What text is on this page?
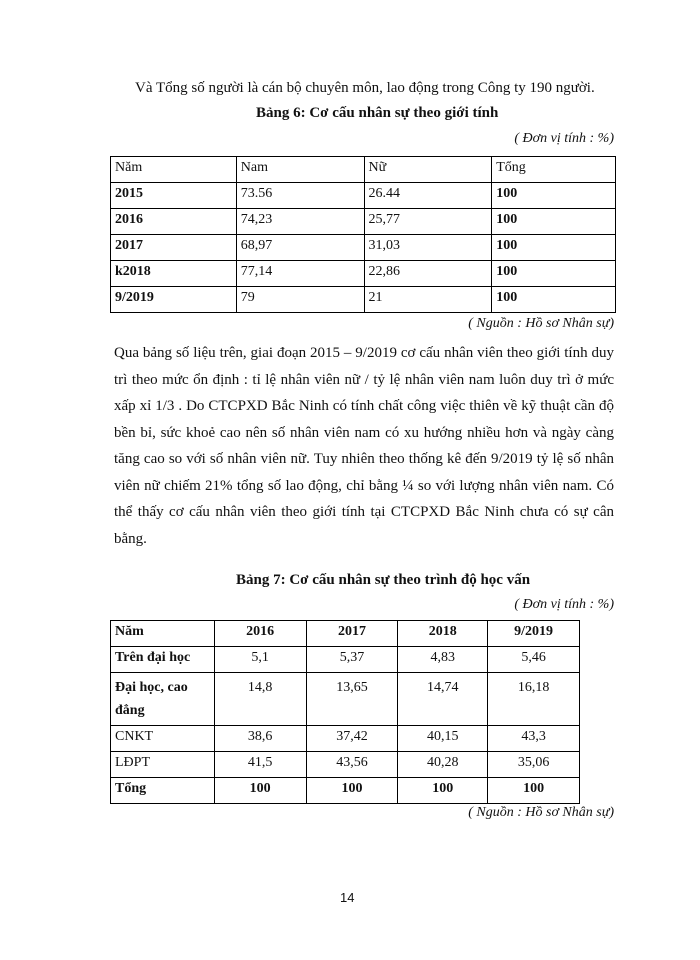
Và Tổng số người là cán bộ chuyên môn, lao động trong Công ty 190 người.
Bảng 6: Cơ cấu nhân sự theo giới tính
( Đơn vị tính : %)
Năm	Nam	Nữ	Tổng
2015	73.56	26.44	100
2016	74,23	25,77	100
2017	68,97	31,03	100
k2018	77,14	22,86	100
9/2019	79	21	100
( Nguồn : Hồ sơ Nhân sự)
Qua bảng số liệu trên, giai đoạn 2015 – 9/2019 cơ cấu nhân viên theo giới tính duy trì theo mức ổn định : tỉ lệ nhân viên nữ / tỷ lệ nhân viên nam luôn duy trì ở mức xấp xỉ 1/3 . Do CTCPXD Bắc Ninh có tính chất công việc thiên về kỹ thuật cần độ bền bỉ, sức khoẻ cao nên số nhân viên nam có xu hướng nhiều hơn và ngày càng tăng cao so với số nhân viên nữ. Tuy nhiên theo thống kê đến 9/2019 tỷ lệ số nhân viên nữ chiếm 21% tổng số lao động, chỉ bằng ¼ so với lượng nhân viên nam. Có thể thấy cơ cấu nhân viên theo giới tính tại CTCPXD Bắc Ninh chưa có sự cân bằng.
Bảng 7: Cơ cấu nhân sự theo trình độ học vấn
( Đơn vị tính : %)
Năm	2016	2017	2018	9/2019
Trên đại học	5,1	5,37	4,83	5,46
Đại học, cao đẳng	14,8	13,65	14,74	16,18
CNKT	38,6	37,42	40,15	43,3
LĐPT	41,5	43,56	40,28	35,06
Tổng	100	100	100	100
( Nguồn : Hồ sơ Nhân sự)
14
